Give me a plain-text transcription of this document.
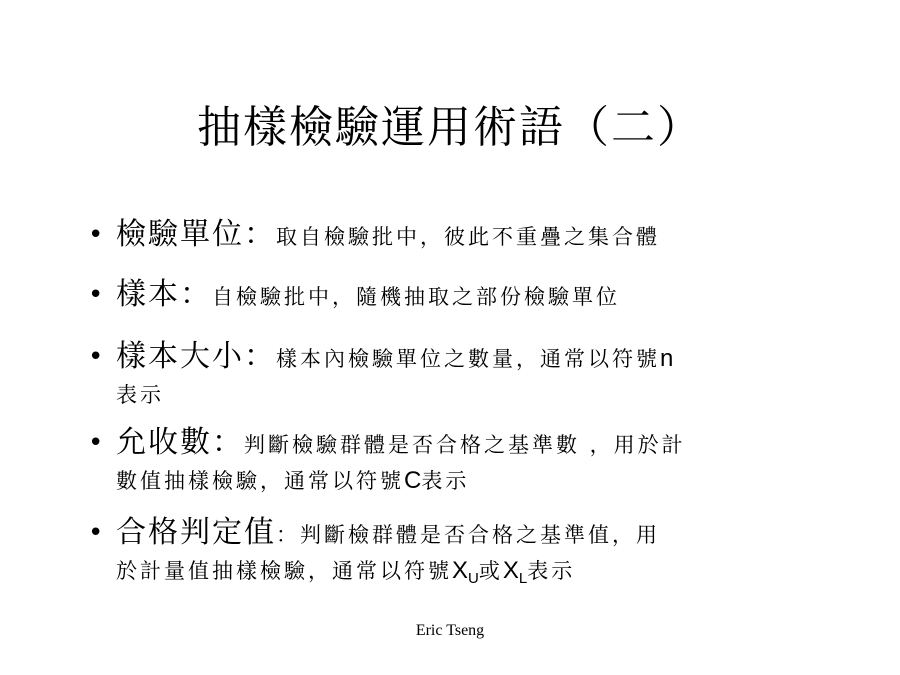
抽樣檢驗運用術語（二）
• 檢驗單位：取自檢驗批中，彼此不重疊之集合體
• 樣本：自檢驗批中，隨機抽取之部份檢驗單位
• 樣本大小：樣本內檢驗單位之數量，通常以符號n
表示
• 允收數：判斷檢驗群體是否合格之基準數 ，用於計
數值抽樣檢驗，通常以符號C表示
• 合格判定值：判斷檢群體是否合格之基準值，用
於計量值抽樣檢驗，通常以符號$X_U$或$X_L$表示
Eric Tseng
